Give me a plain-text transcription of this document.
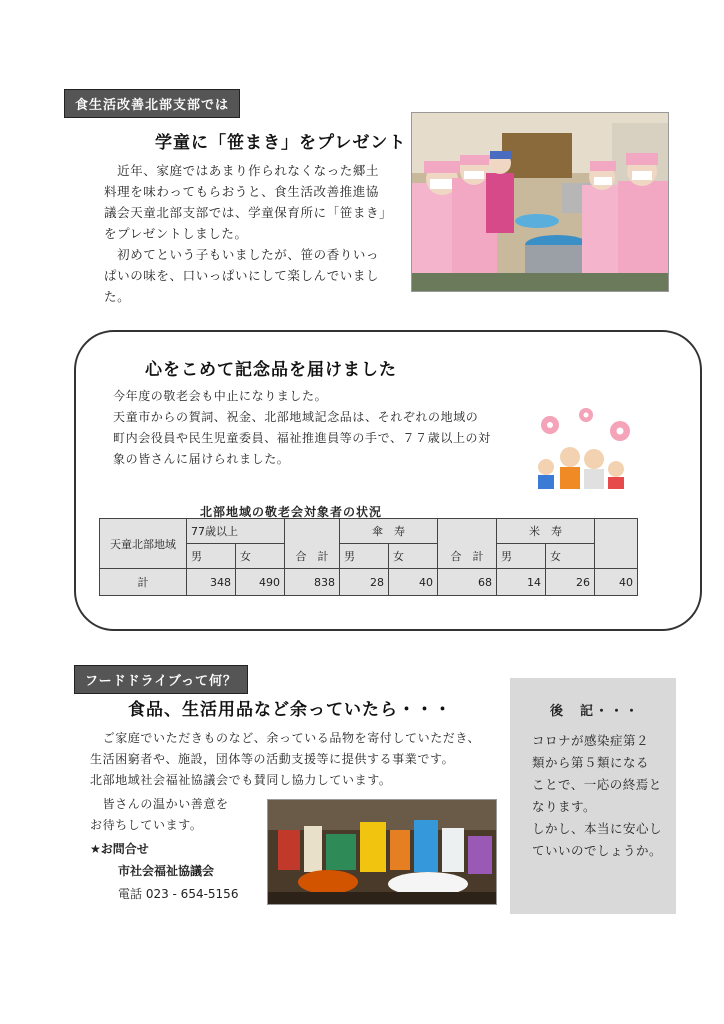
食生活改善北部支部では
学童に「笹まき」をプレゼント
　近年、家庭ではあまり作られなくなった郷土
料理を味わってもらおうと、食生活改善推進協
議会天童北部支部では、学童保育所に「笹まき」
をプレゼントしました。
　初めてという子もいましたが、笹の香りいっ
ぱいの味を、口いっぱいにして楽しんでいまし
た。
心をこめて記念品を届けました
今年度の敬老会も中止になりました。
天童市からの賀詞、祝金、北部地域記念品は、それぞれの地域の
町内会役員や民生児童委員、福祉推進員等の手で、７７歳以上の対
象の皆さんに届けられました。
北部地域の敬老会対象者の状況
天童北部地域	77歳以上			傘　寿			米　寿		
	男	女	合　計	男	女	合　計	男	女	
計	348	490	838	28	40	68	14	26	40
フードドライブって何？
食品、生活用品など余っていたら・・・
　ご家庭でいただきものなど、余っている品物を寄付していただき、
生活困窮者や、施設，団体等の活動支援等に提供する事業です。
北部地域社会福祉協議会でも賛同し協力しています。
　皆さんの温かい善意を
お待ちしています。
★お問合せ
市社会福祉協議会
電話 023 - 654-5156
後　記・・・
コロナが感染症第２
類から第５類になる
ことで、一応の終焉と
なります。
しかし、本当に安心し
ていいのでしょうか。
